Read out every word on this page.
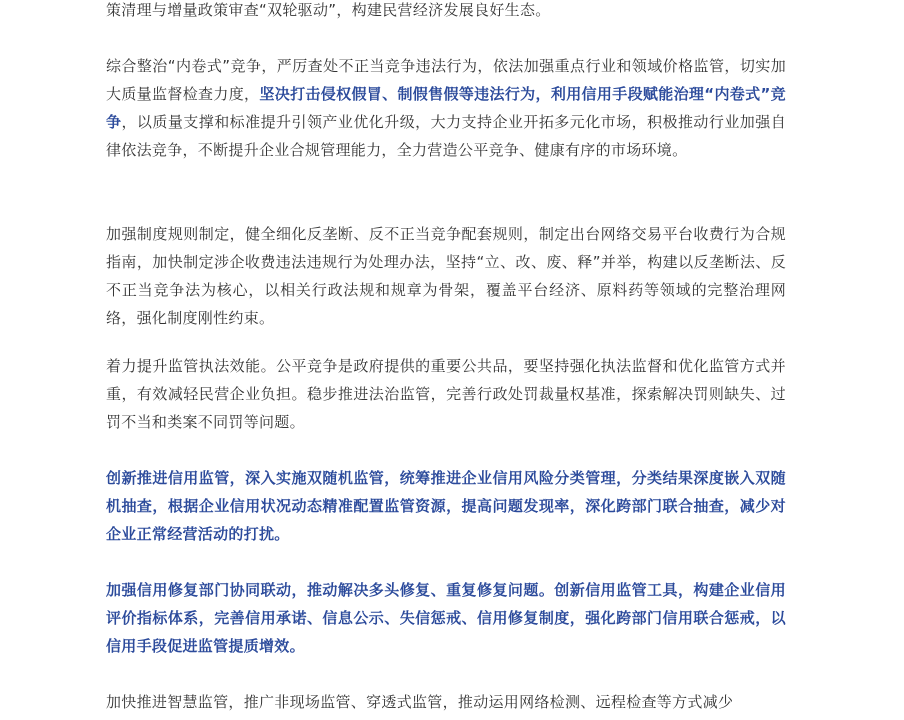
策清理与增量政策审查“双轮驱动”，构建民营经济发展良好生态。

综合整治“内卷式”竞争，严厉查处不正当竞争违法行为，依法加强重点行业和领域价格监管，切实加大质量监督检查力度，坚决打击侵权假冒、制假售假等违法行为，利用信用手段赋能治理“内卷式”竞争，以质量支撑和标准提升引领产业优化升级，大力支持企业开拓多元化市场，积极推动行业加强自律依法竞争，不断提升企业合规管理能力，全力营造公平竞争、健康有序的市场环境。

加强制度规则制定，健全细化反垄断、反不正当竞争配套规则，制定出台网络交易平台收费行为合规指南，加快制定涉企收费违法违规行为处理办法，坚持“立、改、废、释”并举，构建以反垄断法、反不正当竞争法为核心，以相关行政法规和规章为骨架，覆盖平台经济、原料药等领域的完整治理网络，强化制度刚性约束。

着力提升监管执法效能。公平竞争是政府提供的重要公共品，要坚持强化执法监督和优化监管方式并重，有效减轻民营企业负担。稳步推进法治监管，完善行政处罚裁量权基准，探索解决罚则缺失、过罚不当和类案不同罚等问题。

创新推进信用监管，深入实施双随机监管，统筹推进企业信用风险分类管理，分类结果深度嵌入双随机抽查，根据企业信用状况动态精准配置监管资源，提高问题发现率，深化跨部门联合抽查，减少对企业正常经营活动的打扰。

加强信用修复部门协同联动，推动解决多头修复、重复修复问题。创新信用监管工具，构建企业信用评价指标体系，完善信用承诺、信息公示、失信惩戒、信用修复制度，强化跨部门信用联合惩戒，以信用手段促进监管提质增效。

加快推进智慧监管，推广非现场监管、穿透式监管，推动运用网络检测、远程检查等方式减少
